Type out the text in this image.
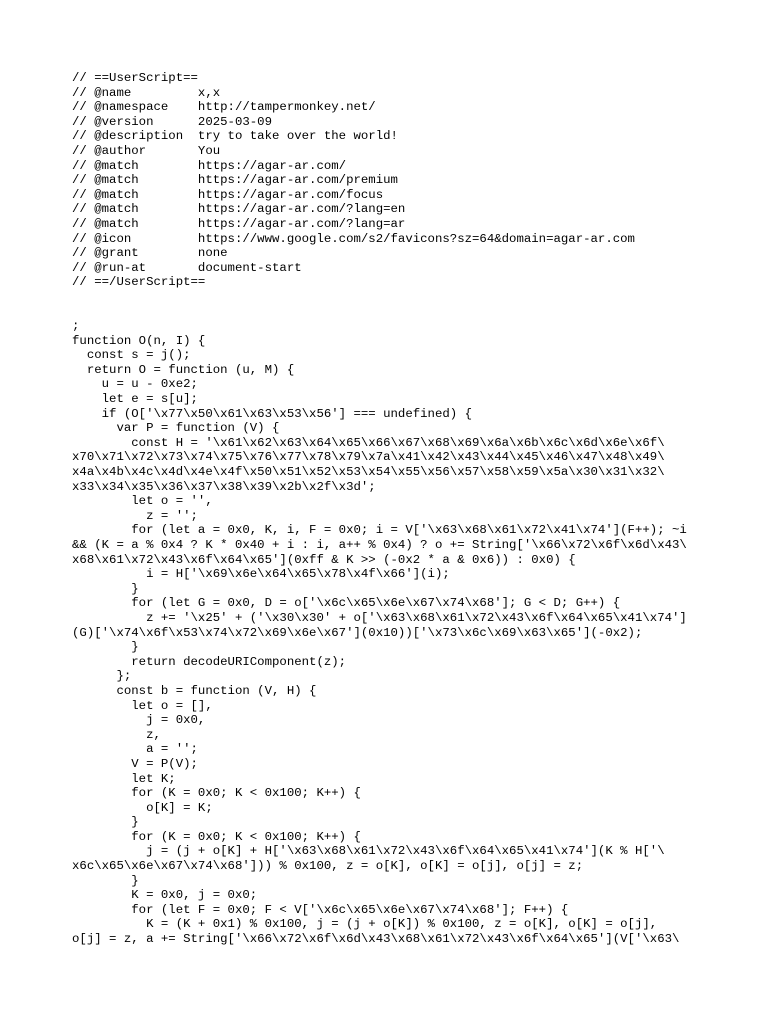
// ==UserScript==
// @name         x,x
// @namespace    http://tampermonkey.net/
// @version      2025-03-09
// @description  try to take over the world!
// @author       You
// @match        https://agar-ar.com/
// @match        https://agar-ar.com/premium
// @match        https://agar-ar.com/focus
// @match        https://agar-ar.com/?lang=en
// @match        https://agar-ar.com/?lang=ar
// @icon         https://www.google.com/s2/favicons?sz=64&domain=agar-ar.com
// @grant        none
// @run-at       document-start
// ==/UserScript==
;
function O(n, I) {
const s = j();
return O = function (u, M) {
u = u - 0xe2;
let e = s[u];
if (O['\x77\x50\x61\x63\x53\x56'] === undefined) {
var P = function (V) {
const H = '\x61\x62\x63\x64\x65\x66\x67\x68\x69\x6a\x6b\x6c\x6d\x6e\x6f\
x70\x71\x72\x73\x74\x75\x76\x77\x78\x79\x7a\x41\x42\x43\x44\x45\x46\x47\x48\x49\
x4a\x4b\x4c\x4d\x4e\x4f\x50\x51\x52\x53\x54\x55\x56\x57\x58\x59\x5a\x30\x31\x32\
x33\x34\x35\x36\x37\x38\x39\x2b\x2f\x3d';
let o = '',
z = '';
for (let a = 0x0, K, i, F = 0x0; i = V['\x63\x68\x61\x72\x41\x74'](F++); ~i
&& (K = a % 0x4 ? K * 0x40 + i : i, a++ % 0x4) ? o += String['\x66\x72\x6f\x6d\x43\
x68\x61\x72\x43\x6f\x64\x65'](0xff & K >> (-0x2 * a & 0x6)) : 0x0) {
i = H['\x69\x6e\x64\x65\x78\x4f\x66'](i);
}
for (let G = 0x0, D = o['\x6c\x65\x6e\x67\x74\x68']; G < D; G++) {
z += '\x25' + ('\x30\x30' + o['\x63\x68\x61\x72\x43\x6f\x64\x65\x41\x74']
(G)['\x74\x6f\x53\x74\x72\x69\x6e\x67'](0x10))['\x73\x6c\x69\x63\x65'](-0x2);
}
return decodeURIComponent(z);
};
const b = function (V, H) {
let o = [],
j = 0x0,
z,
a = '';
V = P(V);
let K;
for (K = 0x0; K < 0x100; K++) {
o[K] = K;
}
for (K = 0x0; K < 0x100; K++) {
j = (j + o[K] + H['\x63\x68\x61\x72\x43\x6f\x64\x65\x41\x74'](K % H['\
x6c\x65\x6e\x67\x74\x68'])) % 0x100, z = o[K], o[K] = o[j], o[j] = z;
}
K = 0x0, j = 0x0;
for (let F = 0x0; F < V['\x6c\x65\x6e\x67\x74\x68']; F++) {
K = (K + 0x1) % 0x100, j = (j + o[K]) % 0x100, z = o[K], o[K] = o[j],
o[j] = z, a += String['\x66\x72\x6f\x6d\x43\x68\x61\x72\x43\x6f\x64\x65'](V['\x63\
